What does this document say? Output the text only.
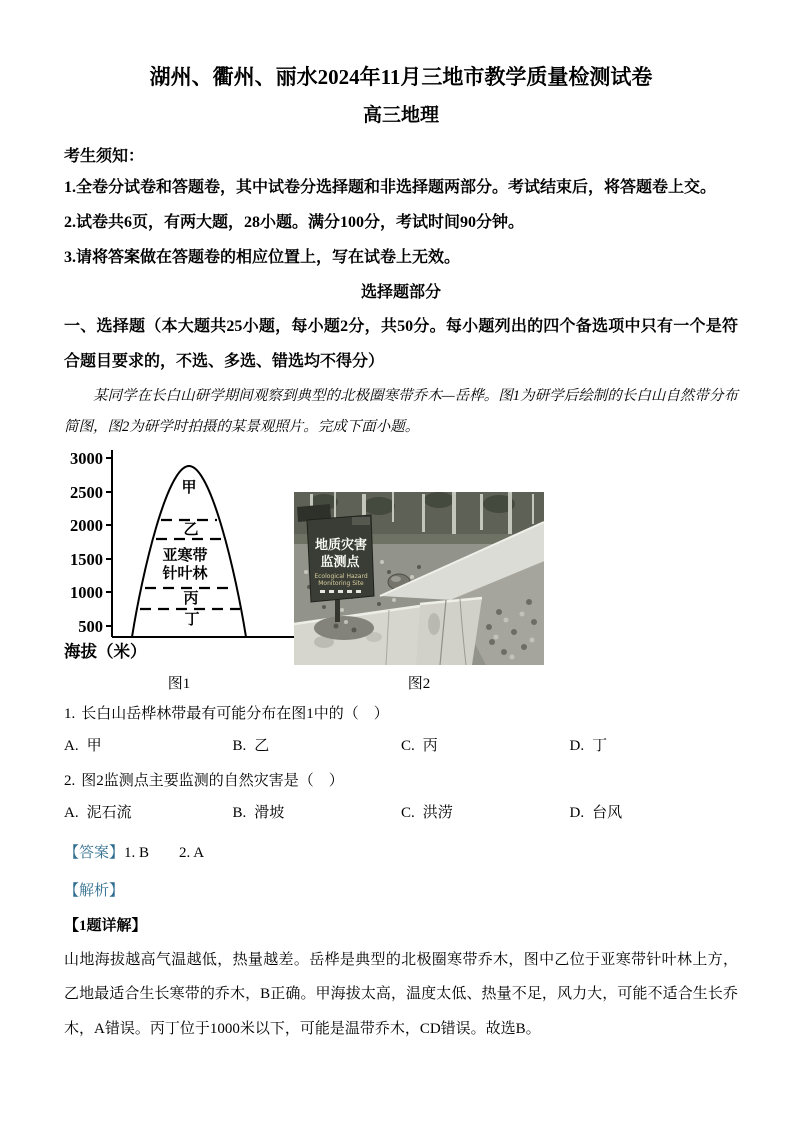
湖州、衢州、丽水2024年11月三地市教学质量检测试卷
高三地理

考生须知：

1.全卷分试卷和答题卷，其中试卷分选择题和非选择题两部分。考试结束后，将答题卷上交。

2.试卷共6页，有两大题，28小题。满分100分，考试时间90分钟。

3.请将答案做在答题卷的相应位置上，写在试卷上无效。

选择题部分

一、选择题（本大题共25小题，每小题2分，共50分。每小题列出的四个备选项中只有一个是符合题目要求的，不选、多选、错选均不得分）

某同学在长白山研学期间观察到典型的北极圈寒带乔木—岳桦。图1为研学后绘制的长白山自然带分布简图，图2为研学时拍摄的某景观照片。完成下面小题。

3000
2500
2000
1500
1000
500
甲
乙
亚寒带
针叶林
丙
丁
海拔（米）
地质灾害
监测点
Ecological Hazard
Monitoring Site
图1	图2

1. 长白山岳桦林带最有可能分布在图1中的（　）

A. 甲	B. 乙	C. 丙	D. 丁

2. 图2监测点主要监测的自然灾害是（　）

A. 泥石流	B. 滑坡	C. 洪涝	D. 台风

【答案】1. B　　2. A

【解析】

【1题详解】

山地海拔越高气温越低，热量越差。岳桦是典型的北极圈寒带乔木，图中乙位于亚寒带针叶林上方，乙地最适合生长寒带的乔木，B正确。甲海拔太高，温度太低、热量不足，风力大，可能不适合生长乔木，A错误。丙丁位于1000米以下，可能是温带乔木，CD错误。故选B。
